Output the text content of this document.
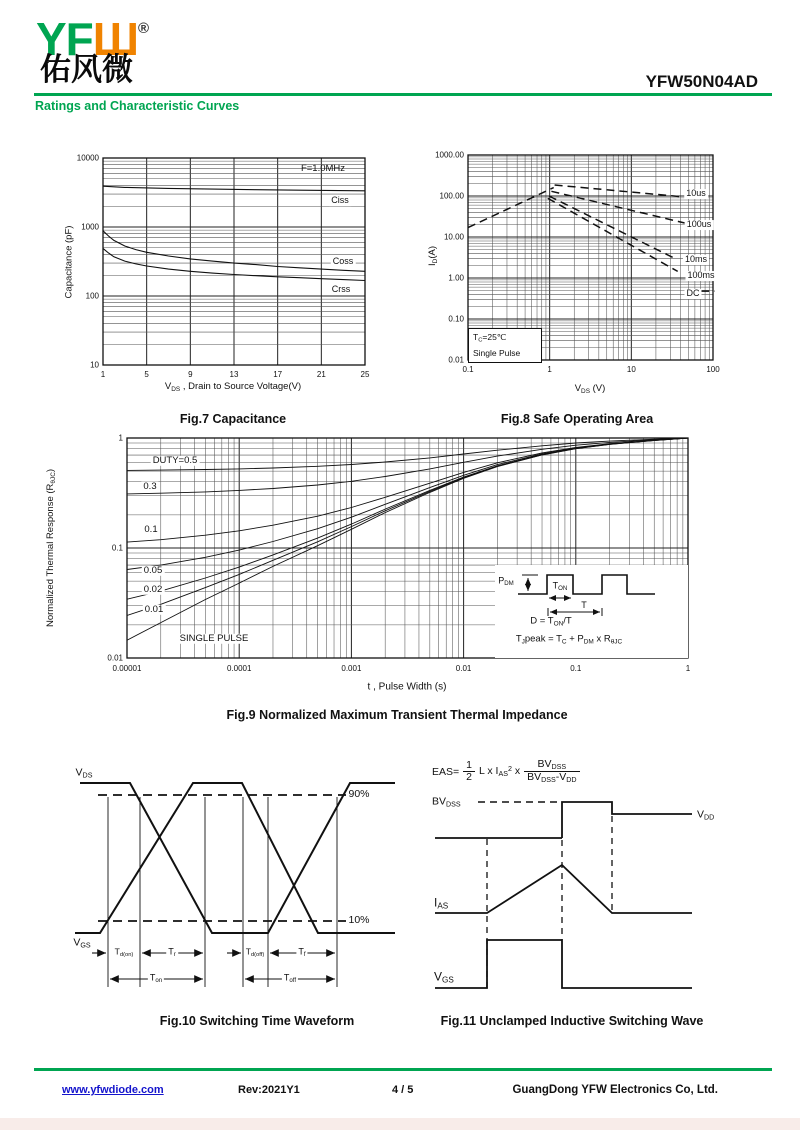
YFШ®
佑风微	YFW50N04AD
Ratings and Characteristic Curves
Capacitance (pF)
$V_{DS}$ , Drain to Source Voltage(V)
F=1.0MHz
Fig.7 Capacitance
10
100
1000
10000
1	5	9	13	17	21	25
Ciss
Coss
Crss
$I_D(A)$
$V_{DS}$ (V)
$T_C=25℃$
Single Pulse
Fig.8 Safe Operating Area
0.01
0.10
1.00
10.00
100.00
1000.00
0.1	1	10	100
10us
100us
10ms
100ms
DC
Normalized Thermal Response $(R_{\theta JC})$
t , Pulse Width (s)
$P_{DM}$	$T_{ON}$
T
$D = T_{ON}/T$
$T_Jpeak = T_C + P_{DM}$ x $R_{\theta JC}$
Fig.9 Normalized Maximum Transient Thermal Impedance
0.01
0.1
1
0.00001	0.0001	0.001	0.01	0.1	1
DUTY=0.5
0.3
0.1
0.05
0.02
0.01
SINGLE PULSE
$V_{DS}$
$V_{GS}$
90%
10%
$T_{d(on)}$	$T_r$	$T_{d(off)}$	$T_f$
$T_{on}$	$T_{off}$
Fig.10 Switching Time Waveform
$EAS= \frac{1}{2}$ L x $I_{AS}^2$ x $\frac{BV_{DSS}}{BV_{DSS}-V_{DD}}$
$BV_{DSS}$
$V_{DD}$
$I_{AS}$
$V_{GS}$
Fig.11 Unclamped Inductive Switching Wave
www.yfwdiode.com	Rev:2021Y1	4 / 5	GuangDong YFW Electronics Co, Ltd.
